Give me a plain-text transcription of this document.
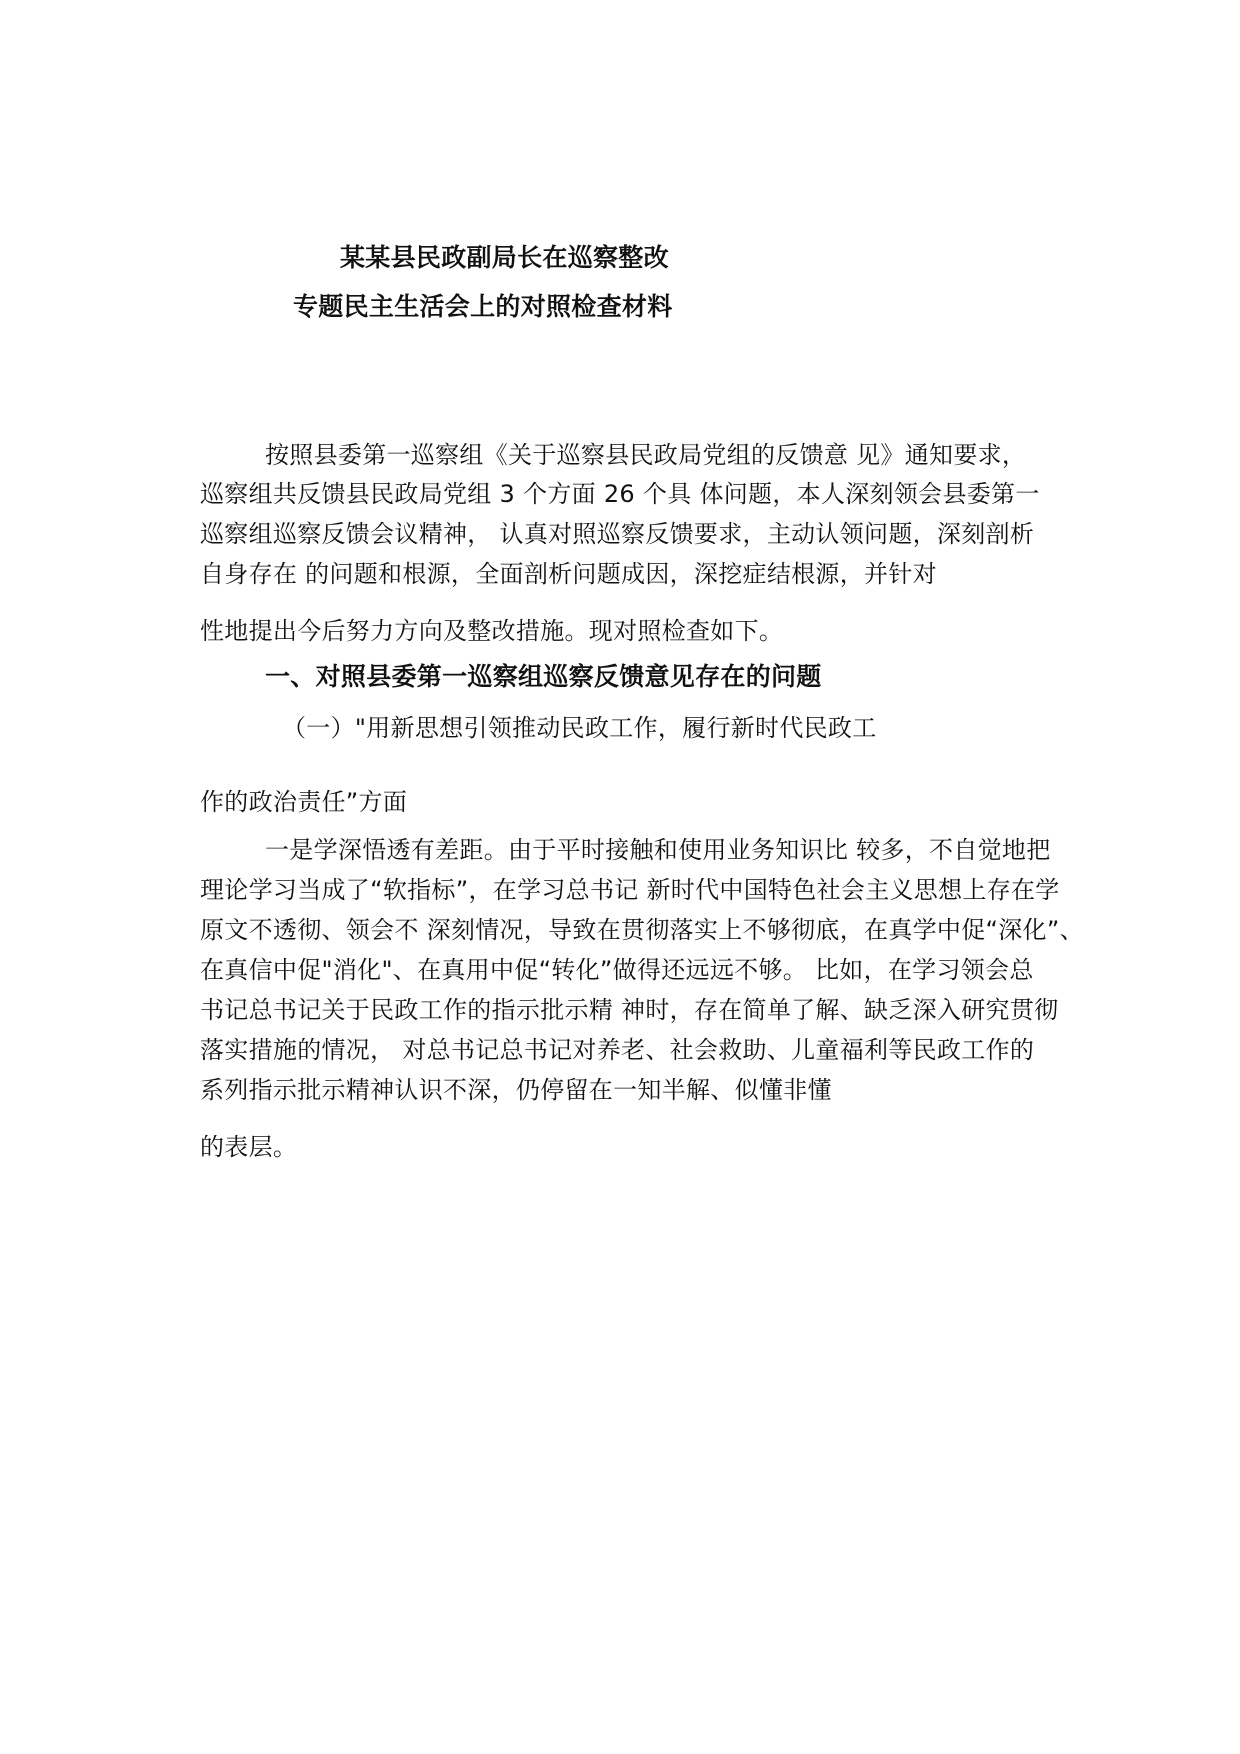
某某县民政副局长在巡察整改
专题民主生活会上的对照检查材料
按照县委第一巡察组《关于巡察县民政局党组的反馈意 见》通知要求，
巡察组共反馈县民政局党组 3 个方面 26 个具 体问题，本人深刻领会县委第一
巡察组巡察反馈会议精神， 认真对照巡察反馈要求，主动认领问题，深刻剖析
自身存在 的问题和根源，全面剖析问题成因，深挖症结根源，并针对
性地提出今后努力方向及整改措施。现对照检查如下。
一、对照县委第一巡察组巡察反馈意见存在的问题
（一）"用新思想引领推动民政工作，履行新时代民政工
作的政治责任”方面
一是学深悟透有差距。由于平时接触和使用业务知识比 较多，不自觉地把
理论学习当成了“软指标”，在学习总书记 新时代中国特色社会主义思想上存在学
原文不透彻、领会不 深刻情况，导致在贯彻落实上不够彻底，在真学中促“深化”、
在真信中促"消化"、在真用中促“转化”做得还远远不够。 比如，在学习领会总
书记总书记关于民政工作的指示批示精 神时，存在简单了解、缺乏深入研究贯彻
落实措施的情况， 对总书记总书记对养老、社会救助、儿童福利等民政工作的
系列指示批示精神认识不深，仍停留在一知半解、似懂非懂
的表层。
